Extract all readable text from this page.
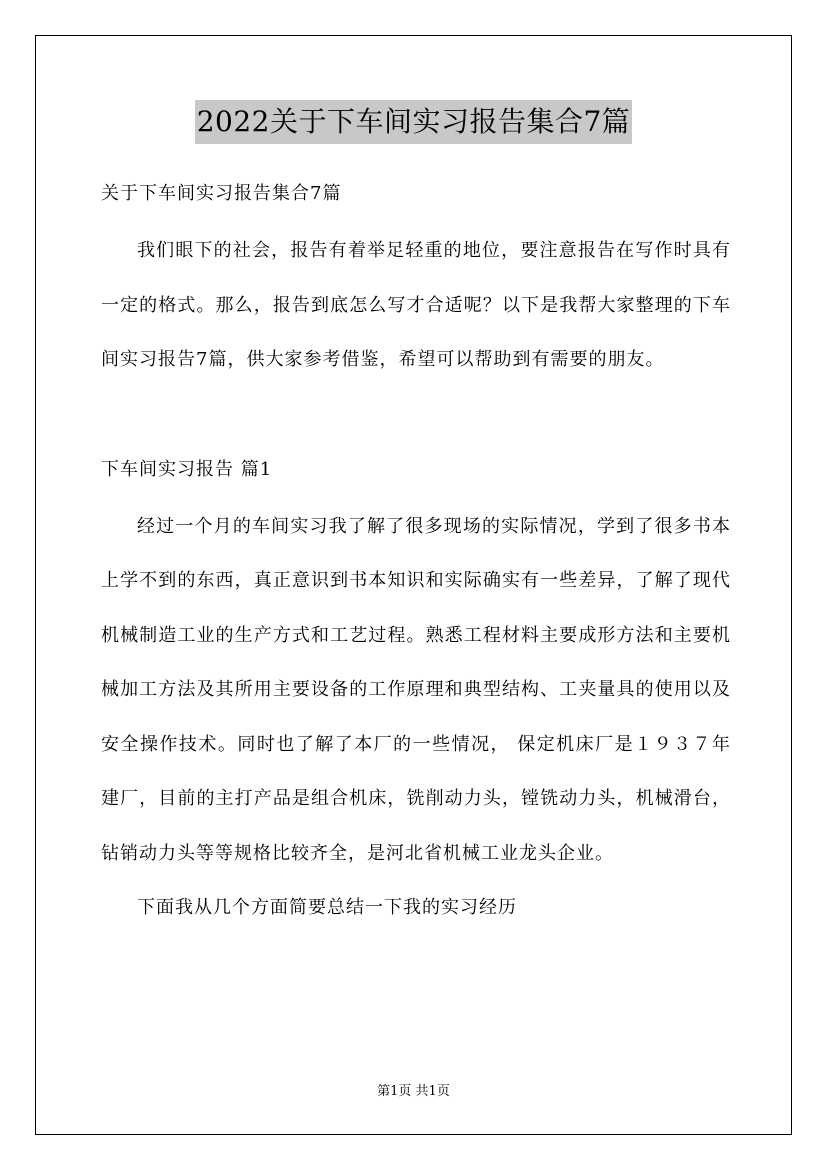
2022关于下车间实习报告集合7篇

关于下车间实习报告集合7篇

我们眼下的社会，报告有着举足轻重的地位，要注意报告在写作时具有一定的格式。那么，报告到底怎么写才合适呢？以下是我帮大家整理的下车间实习报告7篇，供大家参考借鉴，希望可以帮助到有需要的朋友。

下车间实习报告 篇1

经过一个月的车间实习我了解了很多现场的实际情况，学到了很多书本上学不到的东西，真正意识到书本知识和实际确实有一些差异，了解了现代机械制造工业的生产方式和工艺过程。熟悉工程材料主要成形方法和主要机械加工方法及其所用主要设备的工作原理和典型结构、工夹量具的使用以及安全操作技术。同时也了解了本厂的一些情况， 保定机床厂是１９３７年建厂，目前的主打产品是组合机床，铣削动力头，镗铣动力头，机械滑台，钻销动力头等等规格比较齐全，是河北省机械工业龙头企业。

下面我从几个方面简要总结一下我的实习经历

第1页 共1页
